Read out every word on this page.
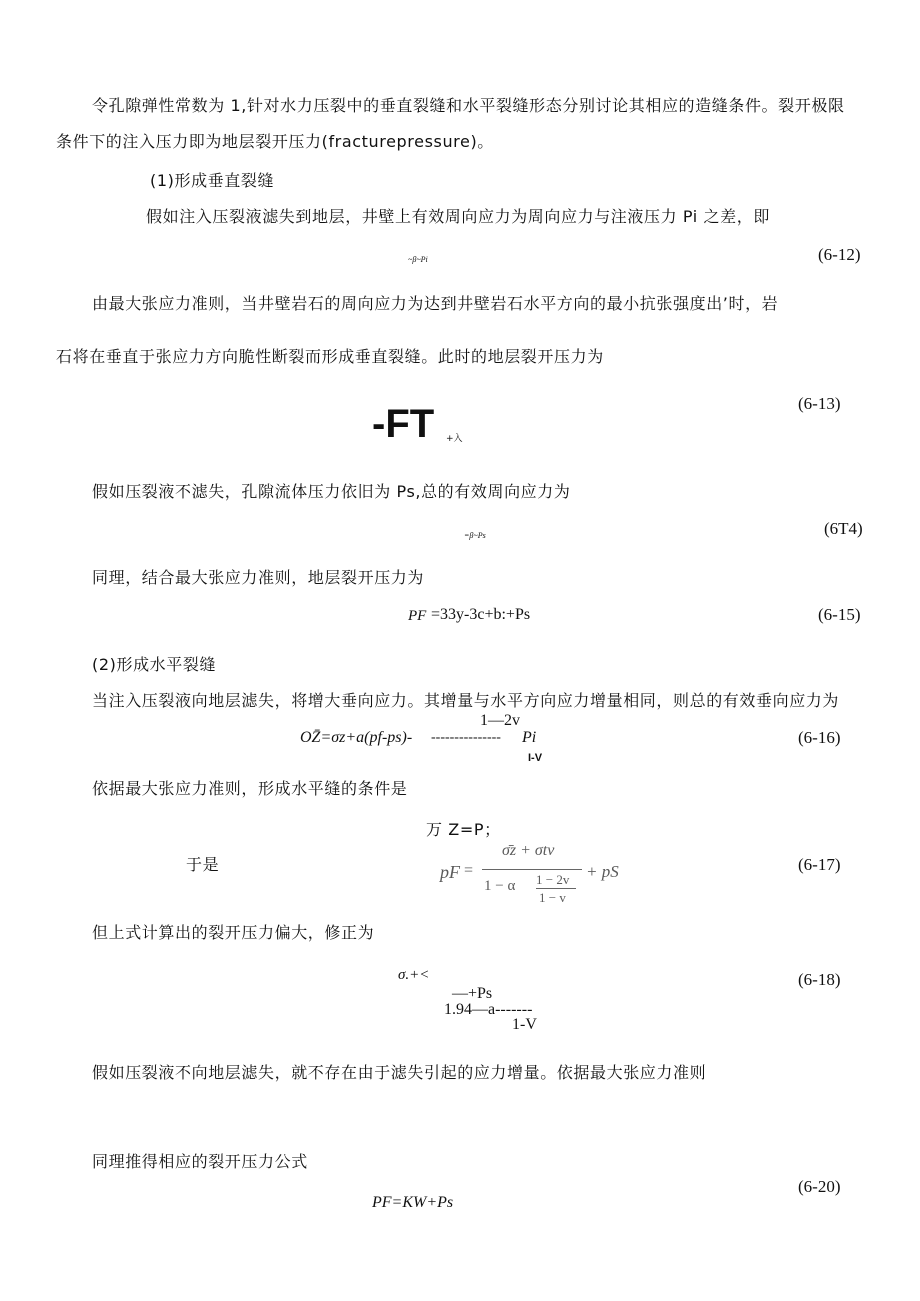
令孔隙弹性常数为 1,针对水力压裂中的垂直裂缝和水平裂缝形态分别讨论其相应的造缝条件。裂开极限
条件下的注入压力即为地层裂开压力(fracturepressure)。
(1)形成垂直裂缝
假如注入压裂液滤失到地层，井壁上有效周向应力为周向应力与注液压力 Pi 之差，即
~β~Pi	(6-12)
由最大张应力准则，当井壁岩石的周向应力为达到井壁岩石水平方向的最小抗张强度出’时，岩
石将在垂直于张应力方向脆性断裂而形成垂直裂缝。此时的地层裂开压力为
(6-13)
-FT +入
假如压裂液不滤失，孔隙流体压力依旧为 Ps,总的有效周向应力为
=β~Ps	(6T4)
同理，结合最大张应力准则，地层裂开压力为
PF =33y-3c+b:+Ps	(6-15)
(2)形成水平裂缝
当注入压裂液向地层滤失，将增大垂向应力。其增量与水平方向应力增量相同，则总的有效垂向应力为
1—2v
OZ̄=σz+a(pf-ps)- --------------- Pi
I-V
(6-16)
依据最大张应力准则，形成水平缝的条件是
万 Z=P；
于是	pF =
σ̄z + σtv
1 − α 1 − 2v
1 − v
+ pS	(6-17)
但上式计算出的裂开压力偏大，修正为
σ.+<
—+Ps
1.94—a-------
1-V
(6-18)
假如压裂液不向地层滤失，就不存在由于滤失引起的应力增量。依据最大张应力准则
同理推得相应的裂开压力公式
(6-20)
PF=KW+Ps
